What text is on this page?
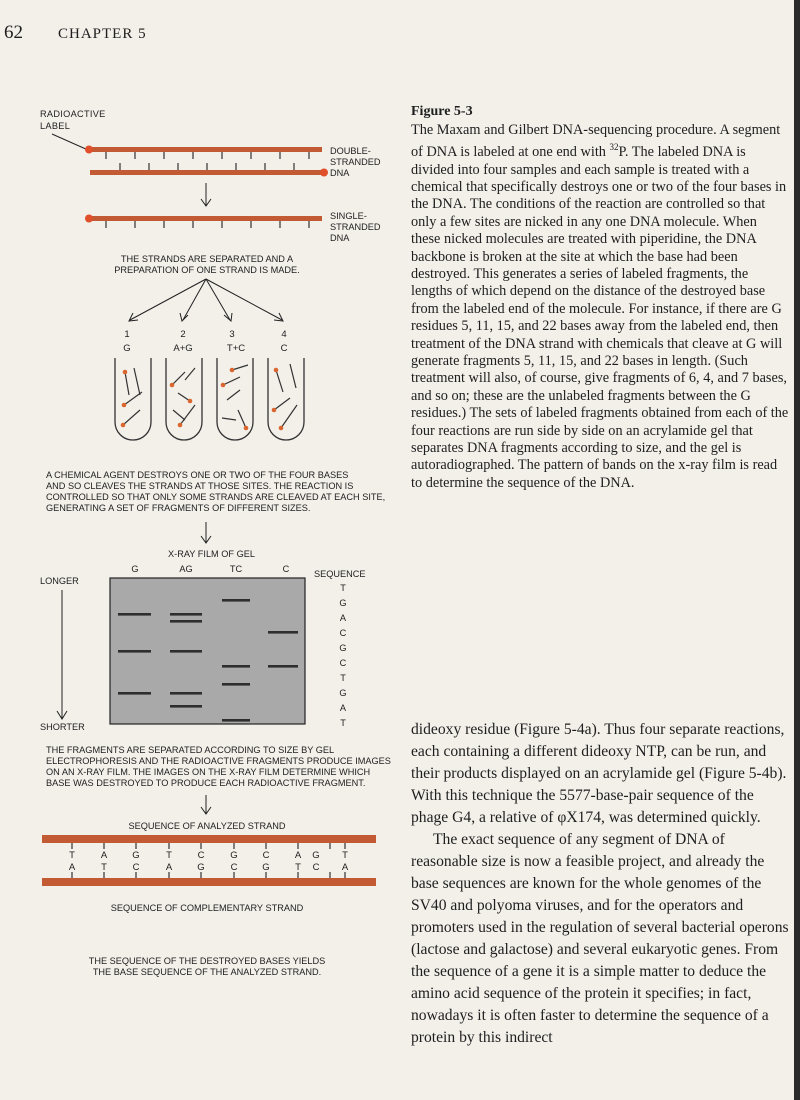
62 CHAPTER 5
RADIOACTIVE
LABEL
DOUBLE-
STRANDED
DNA
SINGLE-
STRANDED
DNA
THE STRANDS ARE SEPARATED AND A
PREPARATION OF ONE STRAND IS MADE.
1	2	3	4
G	A+G	T+C	C
A CHEMICAL AGENT DESTROYS ONE OR TWO OF THE FOUR BASES
AND SO CLEAVES THE STRANDS AT THOSE SITES. THE REACTION IS
CONTROLLED SO THAT ONLY SOME STRANDS ARE CLEAVED AT EACH SITE,
GENERATING A SET OF FRAGMENTS OF DIFFERENT SIZES.
X-RAY FILM OF GEL
G	AG	TC	C
LONGER
SHORTER
SEQUENCE
T
G
A
C
G
C
T
G
A
T
THE FRAGMENTS ARE SEPARATED ACCORDING TO SIZE BY GEL
ELECTROPHORESIS AND THE RADIOACTIVE FRAGMENTS PRODUCE IMAGES
ON AN X-RAY FILM. THE IMAGES ON THE X-RAY FILM DETERMINE WHICH
BASE WAS DESTROYED TO PRODUCE EACH RADIOACTIVE FRAGMENT.
SEQUENCE OF ANALYZED STRAND
T	A	G	T	C	G	C	A G T
A	T	C	A	G	C	G	T C A
SEQUENCE OF COMPLEMENTARY STRAND
THE SEQUENCE OF THE DESTROYED BASES YIELDS
THE BASE SEQUENCE OF THE ANALYZED STRAND.
Figure 5-3

The Maxam and Gilbert DNA-sequencing procedure. A segment of DNA is labeled at one end with $^{32}$P. The labeled DNA is divided into four samples and each sample is treated with a chemical that specifically destroys one or two of the four bases in the DNA. The conditions of the reaction are controlled so that only a few sites are nicked in any one DNA molecule. When these nicked molecules are treated with piperidine, the DNA backbone is broken at the site at which the base had been destroyed. This generates a series of labeled fragments, the lengths of which depend on the distance of the destroyed base from the labeled end of the molecule. For instance, if there are G residues 5, 11, 15, and 22 bases away from the labeled end, then treatment of the DNA strand with chemicals that cleave at G will generate fragments 5, 11, 15, and 22 bases in length. (Such treatment will also, of course, give fragments of 6, 4, and 7 bases, and so on; these are the unlabeled fragments between the G residues.) The sets of labeled fragments obtained from each of the four reactions are run side by side on an acrylamide gel that separates DNA fragments according to size, and the gel is autoradiographed. The pattern of bands on the x-ray film is read to determine the sequence of the DNA.

dideoxy residue (Figure 5-4a). Thus four separate reactions, each containing a different dideoxy NTP, can be run, and their products displayed on an acrylamide gel (Figure 5-4b). With this technique the 5577-base-pair sequence of the phage G4, a relative of φX174, was determined quickly.

The exact sequence of any segment of DNA of reasonable size is now a feasible project, and already the base sequences are known for the whole genomes of the SV40 and polyoma viruses, and for the operators and promoters used in the regulation of several bacterial operons (lactose and galactose) and several eukaryotic genes. From the sequence of a gene it is a simple matter to deduce the amino acid sequence of the protein it specifies; in fact, nowadays it is often faster to determine the sequence of a protein by this indirect
